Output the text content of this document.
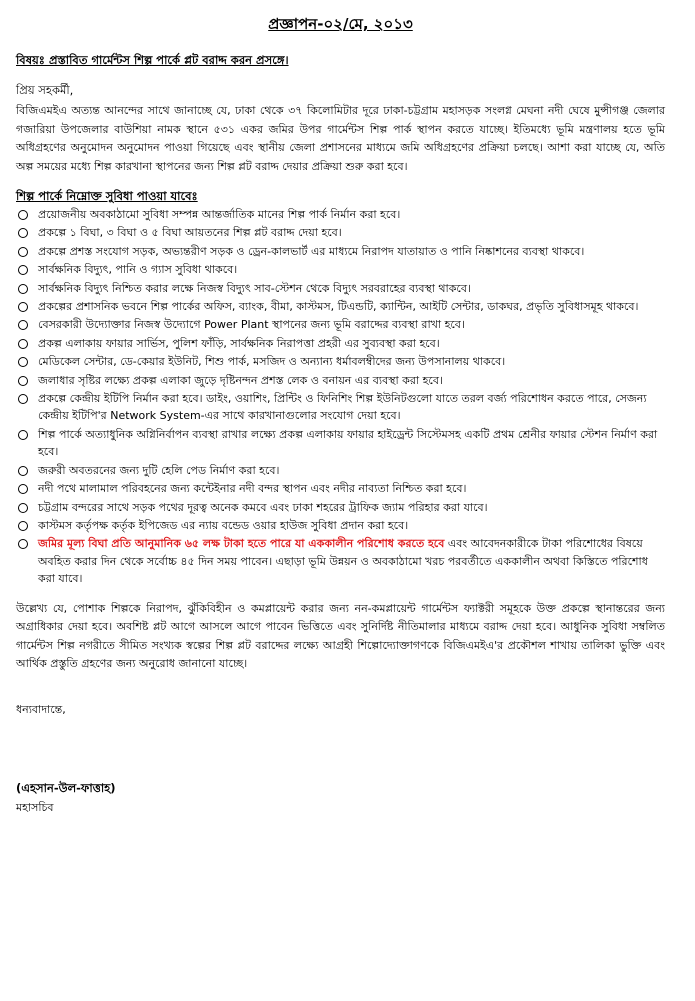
প্রজ্ঞাপন-০২/মে, ২০১৩
বিষয়ঃ প্রস্তাবিত গার্মেন্টস শিল্প পার্কে প্লট বরাদ্দ করন প্রসঙ্গে।
প্রিয় সহকর্মী,
বিজিএমইএ অত্যন্ত আনন্দের সাথে জানাচ্ছে যে, ঢাকা থেকে ৩৭ কিলোমিটার দূরে ঢাকা-চট্টগ্রাম মহাসড়ক সংলগ্ন মেঘনা নদী ঘেষে মুন্সীগঞ্জ জেলার গজারিয়া উপজেলার বাউশিয়া নামক স্থানে ৫৩১ একর জমির উপর গার্মেন্টস শিল্প পার্ক স্থাপন করতে যাচ্ছে। ইতিমধ্যে ভূমি মন্ত্রণালয় হতে ভূমি অধিগ্রহণের অনুমোদন অনুমোদন পাওয়া গিয়েছে এবং স্থানীয় জেলা প্রশাসনের মাধ্যমে জমি অধিগ্রহণের প্রক্রিয়া চলছে। আশা করা যাচ্ছে যে, অতি অল্প সময়ের মধ্যে শিল্প কারখানা স্থাপনের জন্য শিল্প প্লট বরাদ্দ দেয়ার প্রক্রিয়া শুরু করা হবে।
শিল্প পার্কে নিম্নোক্ত সুবিধা পাওয়া যাবেঃ
প্রয়োজনীয় অবকাঠামো সুবিধা সম্পন্ন আন্তর্জাতিক মানের শিল্প পার্ক নির্মান করা হবে।
প্রকল্পে ১ বিঘা, ৩ বিঘা ও ৫ বিঘা আয়তনের শিল্প প্লট বরাদ্দ দেয়া হবে।
প্রকল্পে প্রশস্ত সংযোগ সড়ক, অভ্যন্তরীণ সড়ক ও ড্রেন-কালভার্ট এর মাধ্যমে নিরাপদ যাতায়াত ও পানি নিষ্কাশনের ব্যবস্থা থাকবে।
সার্বক্ষনিক বিদ্যুৎ, পানি ও গ্যাস সুবিধা থাকবে।
সার্বক্ষনিক বিদ্যুৎ নিশ্চিত করার লক্ষে নিজস্ব বিদ্যুৎ সাব-স্টেশন থেকে বিদ্যুৎ সরবরাহের ব্যবস্থা থাকবে।
প্রকল্পের প্রশাসনিক ভবনে শিল্প পার্কের অফিস, ব্যাংক, বীমা, কাস্টমস, টিএন্ডটি, ক্যান্টিন, আইটি সেন্টার, ডাকঘর, প্রভৃতি সুবিধাসমূহ থাকবে।
বেসরকারী উদ্যোক্তার নিজস্ব উদ্যোগে Power Plant স্থাপনের জন্য ভূমি বরাদ্দের ব্যবস্থা রাখা হবে।
প্রকল্প এলাকায় ফায়ার সার্ভিস, পুলিশ ফাঁড়ি, সার্বক্ষনিক নিরাপত্তা প্রহরী এর সুব্যবস্থা করা হবে।
মেডিকেল সেন্টার, ডে-কেয়ার ইউনিট, শিশু পার্ক, মসজিদ ও অন্যান্য ধর্মাবলম্বীদের জন্য উপসানালয় থাকবে।
জলাধার সৃষ্টির লক্ষ্যে প্রকল্প এলাকা জুড়ে দৃষ্টিনন্দন প্রশস্ত লেক ও বনায়ন এর ব্যবস্থা করা হবে।
প্রকল্পে কেন্দ্রীয় ইটিপি নির্মান করা হবে। ডাইং, ওয়াশিং, প্রিন্টিং ও ফিনিশিং শিল্প ইউনিটগুলো যাতে তরল বর্জ্য পরিশোধন করতে পারে, সেজন্য কেন্দ্রীয় ইটিপি'র Network System-এর সাথে কারখানাগুলোর সংযোগ দেয়া হবে।
শিল্প পার্কে অত্যাধুনিক অগ্নিনির্বাপন ব্যবস্থা রাখার লক্ষ্যে প্রকল্প এলাকায় ফায়ার হাইড্রেন্ট সিস্টেমসহ একটি প্রথম শ্রেনীর ফায়ার স্টেশন নির্মাণ করা হবে।
জরুরী অবতরনের জন্য দুটি হেলি পেড নির্মাণ করা হবে।
নদী পথে মালামাল পরিবহনের জন্য কন্টেইনার নদী বন্দর স্থাপন এবং নদীর নাব্যতা নিশ্চিত করা হবে।
চট্টগ্রাম বন্দরের সাথে সড়ক পথের দূরত্ব অনেক কমবে এবং ঢাকা শহরের ট্রাফিক জ্যাম পরিহার করা যাবে।
কাস্টমস কর্তৃপক্ষ কর্তৃক ইপিজেড এর ন্যায় বন্ডেড ওয়ার হাউজ সুবিধা প্রদান করা হবে।
জমির মূল্য বিঘা প্রতি আনুমানিক ৬৫ লক্ষ টাকা হতে পারে যা এককালীন পরিশোধ করতে হবে এবং আবেদনকারীকে টাকা পরিশোধের বিষয়ে অবহিত করার দিন থেকে সর্বোচ্চ ৪৫ দিন সময় পাবেন। এছাড়া ভূমি উন্নয়ন ও অবকাঠামো খরচ পরবর্তীতে এককালীন অথবা কিস্তিতে পরিশোধ করা যাবে।
উল্লেখ্য যে, পোশাক শিল্পকে নিরাপদ, ঝুঁকিবিহীন ও কমপ্লায়েন্ট করার জন্য নন-কমপ্লায়েন্ট গার্মেন্টস ফ্যাক্টরী সমূহকে উক্ত প্রকল্পে স্থানান্তরের জন্য অগ্রাধিকার দেয়া হবে। অবশিষ্ট প্লট আগে আসলে আগে পাবেন ভিত্তিতে এবং সুনির্দিষ্ট নীতিমালার মাধ্যমে বরাদ্দ দেয়া হবে। আধুনিক সুবিধা সম্বলিত গার্মেন্টস শিল্প নগরীতে সীমিত সংখ্যক স্বল্পের শিল্প প্লট বরাদ্দের লক্ষ্যে আগ্রহী শিল্পোদ্যোক্তাগণকে বিজিএমইএ'র প্রকৌশল শাখায় তালিকা ভুক্তি এবং আর্থিক প্রস্তুতি গ্রহণের জন্য অনুরোধ জানানো যাচ্ছে।
ধন্যবাদান্তে,
(এহসান-উল-ফাত্তাহ)
মহাসচিব
